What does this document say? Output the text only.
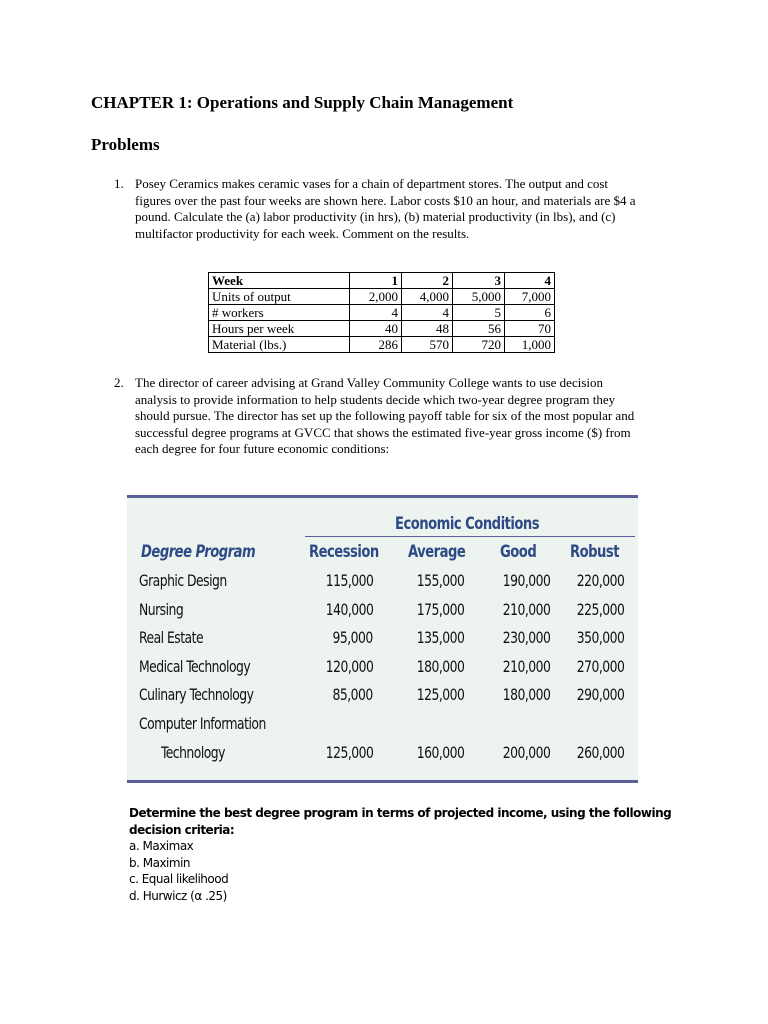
CHAPTER 1: Operations and Supply Chain Management
Problems
1. Posey Ceramics makes ceramic vases for a chain of department stores. The output and cost
figures over the past four weeks are shown here. Labor costs $10 an hour, and materials are $4 a
pound. Calculate the (a) labor productivity (in hrs), (b) material productivity (in lbs), and (c)
multifactor productivity for each week. Comment on the results.
Week	1	2	3	4
Units of output	2,000	4,000	5,000	7,000
# workers	4	4	5	6
Hours per week	40	48	56	70
Material (lbs.)	286	570	720	1,000
2. The director of career advising at Grand Valley Community College wants to use decision
analysis to provide information to help students decide which two-year degree program they
should pursue. The director has set up the following payoff table for six of the most popular and
successful degree programs at GVCC that shows the estimated five-year gross income ($) from
each degree for four future economic conditions:
Economic Conditions
Degree Program	Recession Average Good Robust
Graphic Design	115,000	155,000 190,000 220,000
Nursing	140,000	175,000 210,000 225,000
Real Estate	95,000	135,000 230,000 350,000
Medical Technology	120,000	180,000 210,000 270,000
Culinary Technology	85,000	125,000 180,000 290,000
Computer Information
Technology	125,000	160,000 200,000 260,000
Determine the best degree program in terms of projected income, using the following
decision criteria:
a. Maximax
b. Maximin
c. Equal likelihood
d. Hurwicz (α .25)
